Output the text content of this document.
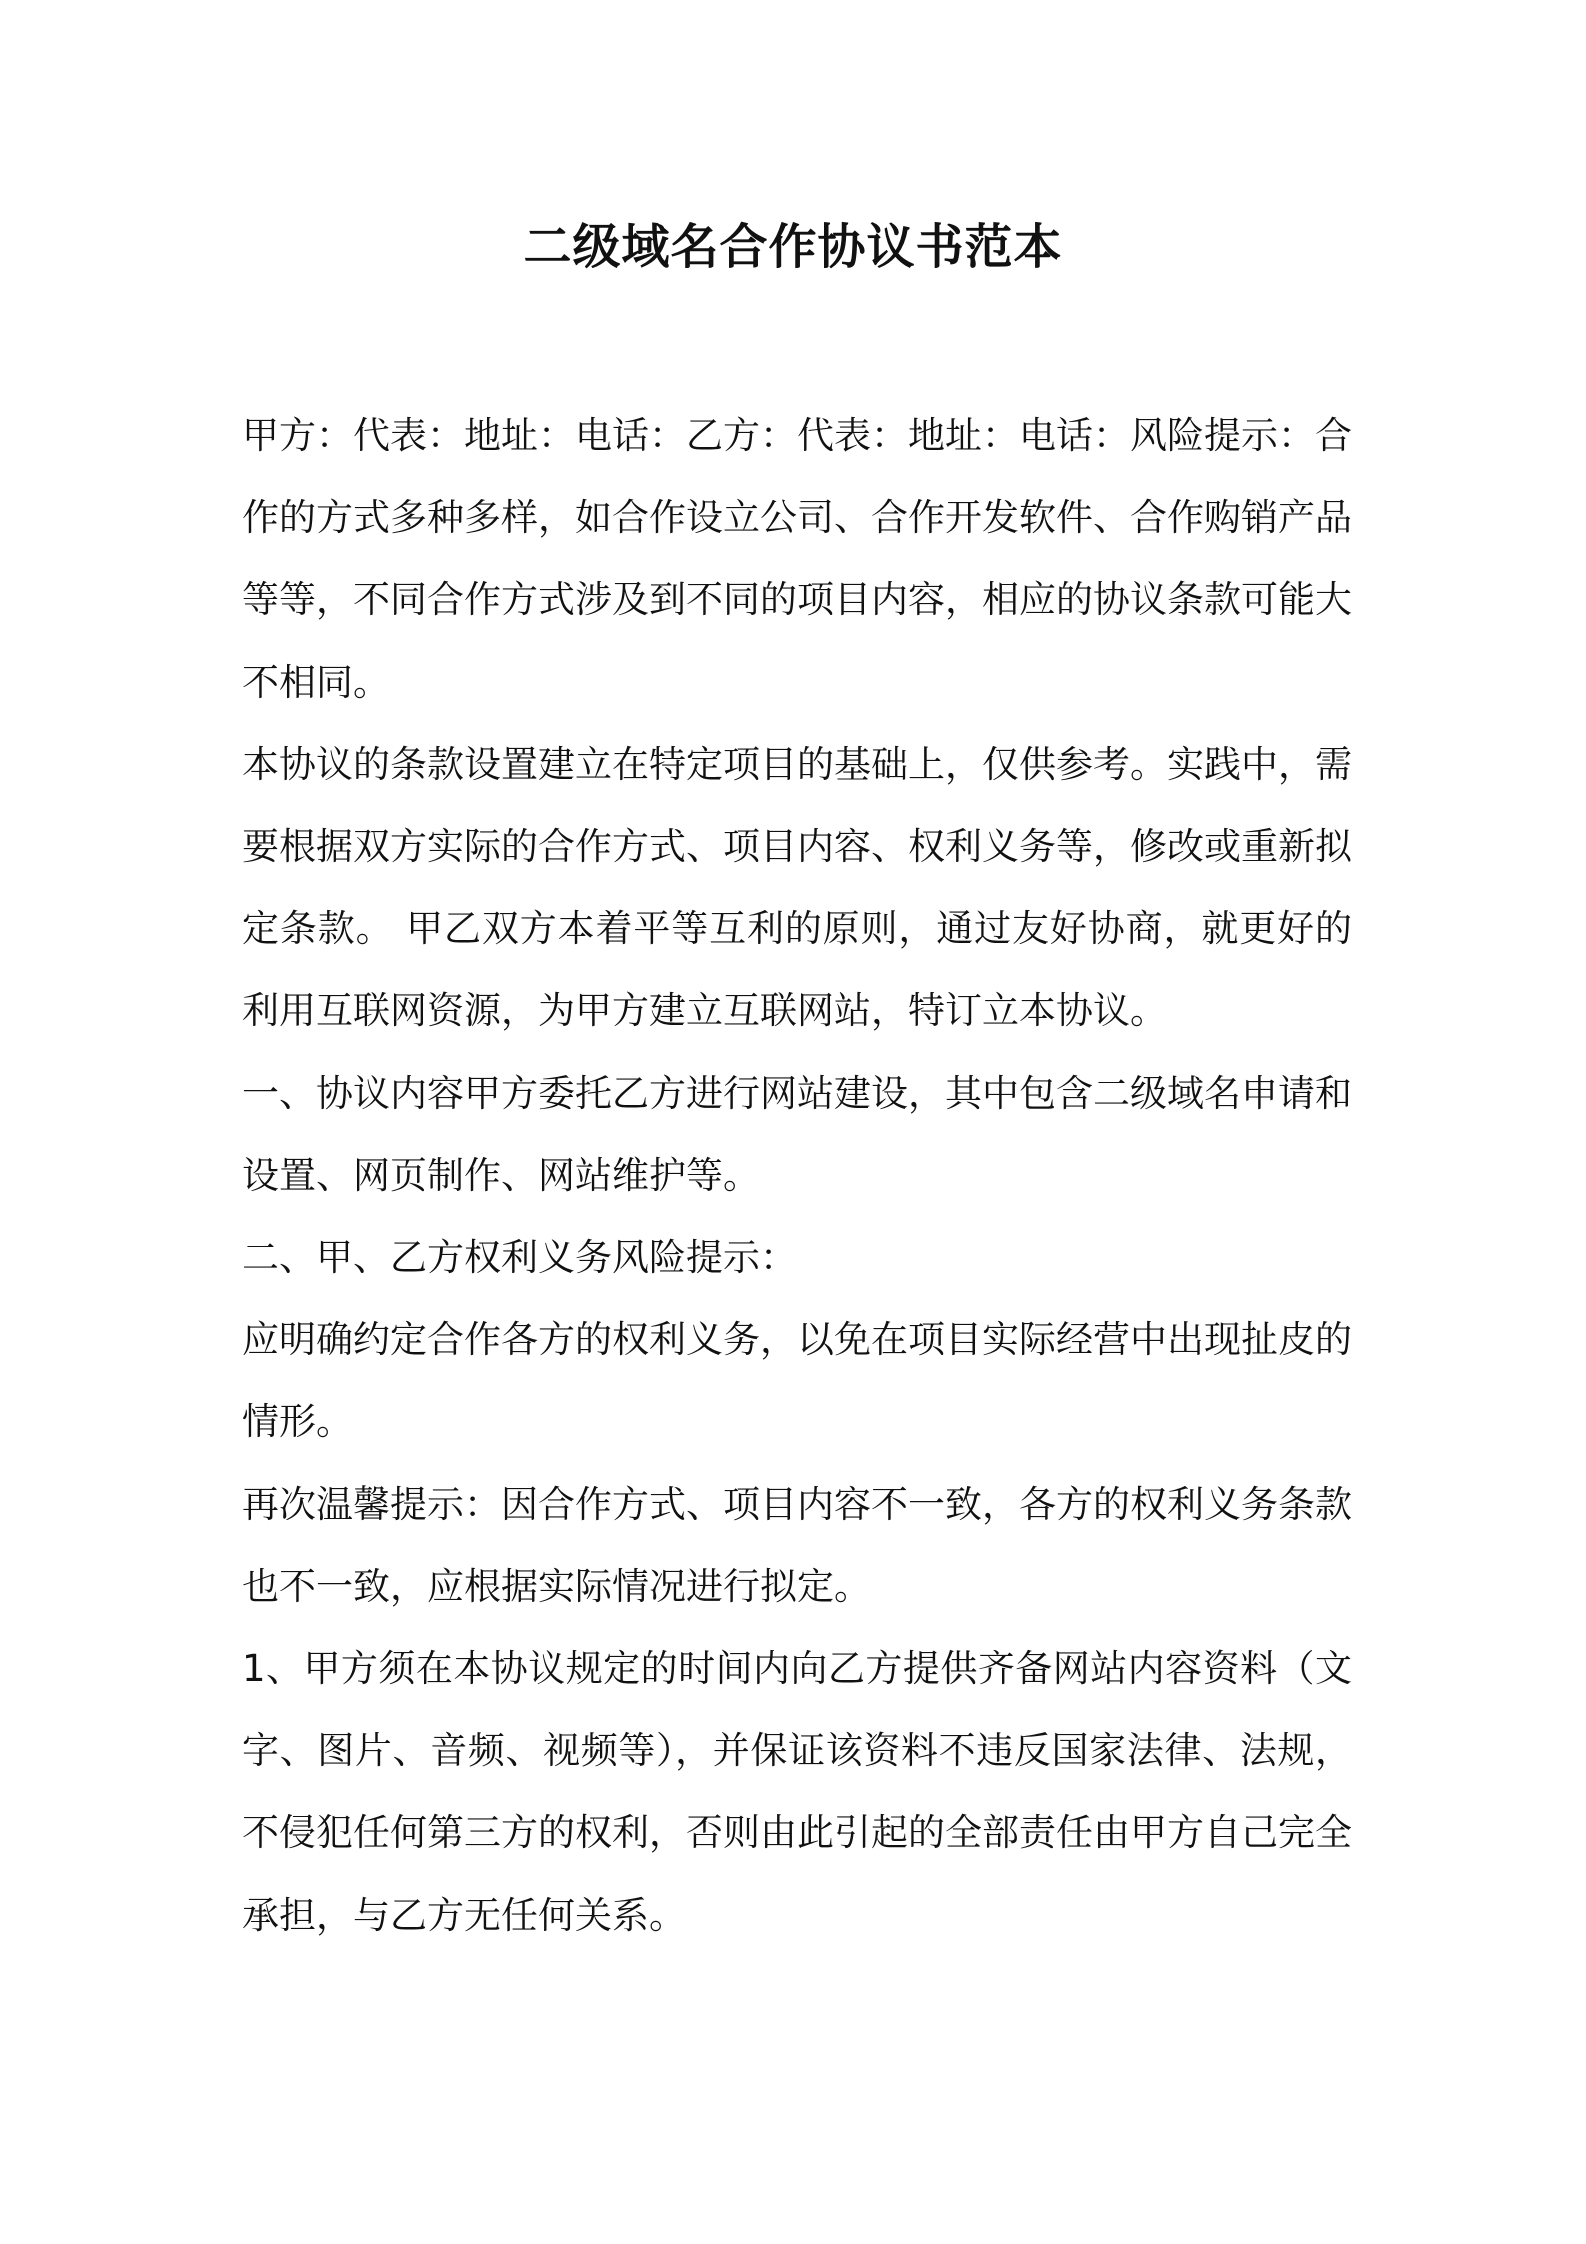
二级域名合作协议书范本

甲方：代表：地址：电话：乙方：代表：地址：电话：风险提示：合作的方式多种多样，如合作设立公司、合作开发软件、合作购销产品等等，不同合作方式涉及到不同的项目内容，相应的协议条款可能大不相同。

本协议的条款设置建立在特定项目的基础上，仅供参考。实践中，需要根据双方实际的合作方式、项目内容、权利义务等，修改或重新拟定条款。 甲乙双方本着平等互利的原则，通过友好协商，就更好的利用互联网资源，为甲方建立互联网站，特订立本协议。

一、协议内容甲方委托乙方进行网站建设，其中包含二级域名申请和设置、网页制作、网站维护等。

二、甲、乙方权利义务风险提示：

应明确约定合作各方的权利义务，以免在项目实际经营中出现扯皮的情形。

再次温馨提示：因合作方式、项目内容不一致，各方的权利义务条款也不一致，应根据实际情况进行拟定。

1、甲方须在本协议规定的时间内向乙方提供齐备网站内容资料（文字、图片、音频、视频等），并保证该资料不违反国家法律、法规，不侵犯任何第三方的权利，否则由此引起的全部责任由甲方自己完全承担，与乙方无任何关系。
